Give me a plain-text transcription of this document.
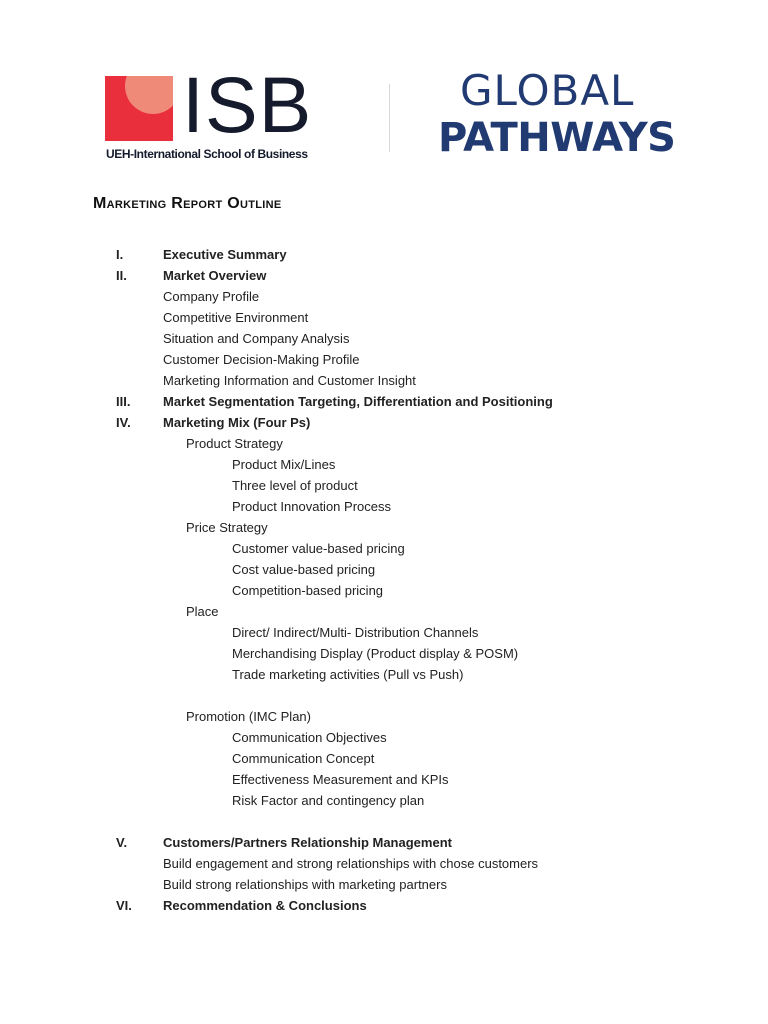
ISB
UEH-International School of Business
GLOBAL
PATHWAYS
Marketing Report Outline
I.	Executive Summary
II.	Market Overview
Company Profile
Competitive Environment
Situation and Company Analysis
Customer Decision-Making Profile
Marketing Information and Customer Insight
III.	Market Segmentation Targeting, Differentiation and Positioning
IV. Marketing Mix (Four Ps)
Product Strategy
Product Mix/Lines
Three level of product
Product Innovation Process
Price Strategy
Customer value-based pricing
Cost value-based pricing
Competition-based pricing
Place
Direct/ Indirect/Multi- Distribution Channels
Merchandising Display (Product display & POSM)
Trade marketing activities (Pull vs Push)
Promotion (IMC Plan)
Communication Objectives
Communication Concept
Effectiveness Measurement and KPIs
Risk Factor and contingency plan
V.	Customers/Partners Relationship Management
Build engagement and strong relationships with chose customers
Build strong relationships with marketing partners
VI. Recommendation & Conclusions
